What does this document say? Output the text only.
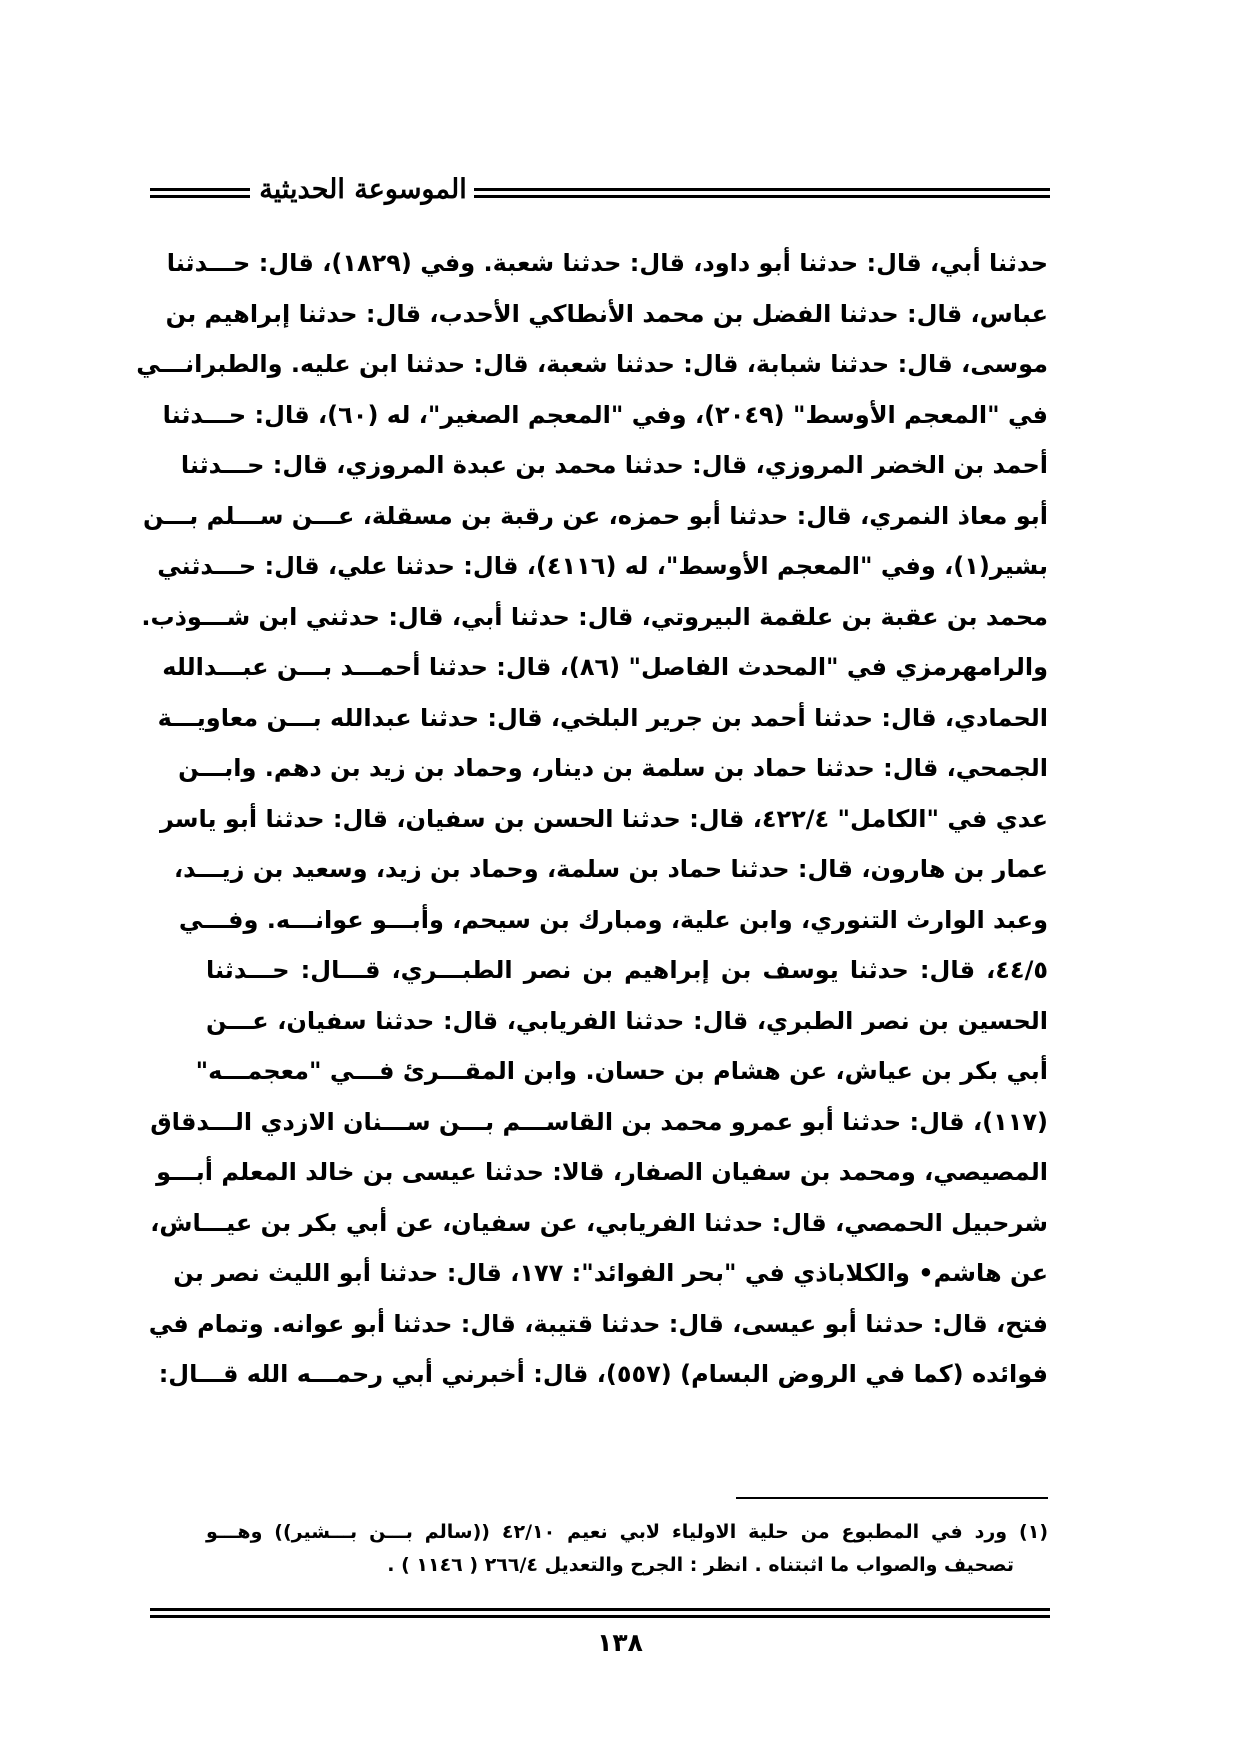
الموسوعة الحديثية
حدثنا أبي، قال: حدثنا أبو داود، قال: حدثنا شعبة. وفي (١٨٢٩)، قال: حـــدثنا
عباس، قال: حدثنا الفضل بن محمد الأنطاكي الأحدب، قال: حدثنا إبراهيم بن
موسى، قال: حدثنا شبابة، قال: حدثنا شعبة، قال: حدثنا ابن عليه. والطبرانـــي
في "المعجم الأوسط" (٢٠٤٩)، وفي "المعجم الصغير"، له (٦٠)، قال: حـــدثنا
أحمد بن الخضر المروزي، قال: حدثنا محمد بن عبدة المروزي، قال: حـــدثنا
أبو معاذ النمري، قال: حدثنا أبو حمزه، عن رقبة بن مسقلة، عـــن ســـلم بـــن
بشير(١)، وفي "المعجم الأوسط"، له (٤١١٦)، قال: حدثنا علي، قال: حـــدثني
محمد بن عقبة بن علقمة البيروتي، قال: حدثنا أبي، قال: حدثني ابن شـــوذب.
والرامهرمزي في "المحدث الفاصل" (٨٦)، قال: حدثنا أحمـــد بـــن عبـــدالله
الحمادي، قال: حدثنا أحمد بن جرير البلخي، قال: حدثنا عبدالله بـــن معاويـــة
الجمحي، قال: حدثنا حماد بن سلمة بن دينار، وحماد بن زيد بن دهم. وابـــن
عدي في "الكامل" ٤٢٢/٤، قال: حدثنا الحسن بن سفيان، قال: حدثنا أبو ياسر
عمار بن هارون، قال: حدثنا حماد بن سلمة، وحماد بن زيد، وسعيد بن زيـــد،
وعبد الوارث التنوري، وابن علية، ومبارك بن سيحم، وأبـــو عوانـــه. وفـــي
٤٤/٥، قال: حدثنا يوسف بن إبراهيم بن نصر الطبـــري، قـــال: حـــدثنا
الحسين بن نصر الطبري، قال: حدثنا الفريابي، قال: حدثنا سفيان، عـــن
أبي بكر بن عياش، عن هشام بن حسان. وابن المقـــرئ فـــي "معجمـــه"
(١١٧)، قال: حدثنا أبو عمرو محمد بن القاســـم بـــن ســـنان الازدي الـــدقاق
المصيصي، ومحمد بن سفيان الصفار، قالا: حدثنا عيسى بن خالد المعلم أبـــو
شرحبيل الحمصي، قال: حدثنا الفريابي، عن سفيان، عن أبي بكر بن عيـــاش،
عن هاشم• والكلاباذي في "بحر الفوائد": ١٧٧، قال: حدثنا أبو الليث نصر بن
فتح، قال: حدثنا أبو عيسى، قال: حدثنا قتيبة، قال: حدثنا أبو عوانه. وتمام في
فوائده (كما في الروض البسام) (٥٥٧)، قال: أخبرني أبي رحمـــه الله قـــال:
(١) ورد في المطبوع من حلية الاولياء لابي نعيم ٤٢/١٠ ((سالم بـــن بـــشير)) وهـــو
تصحيف والصواب ما اثبتناه . انظر : الجرح والتعديل ٢٦٦/٤ ( ١١٤٦ ) .
١٣٨
